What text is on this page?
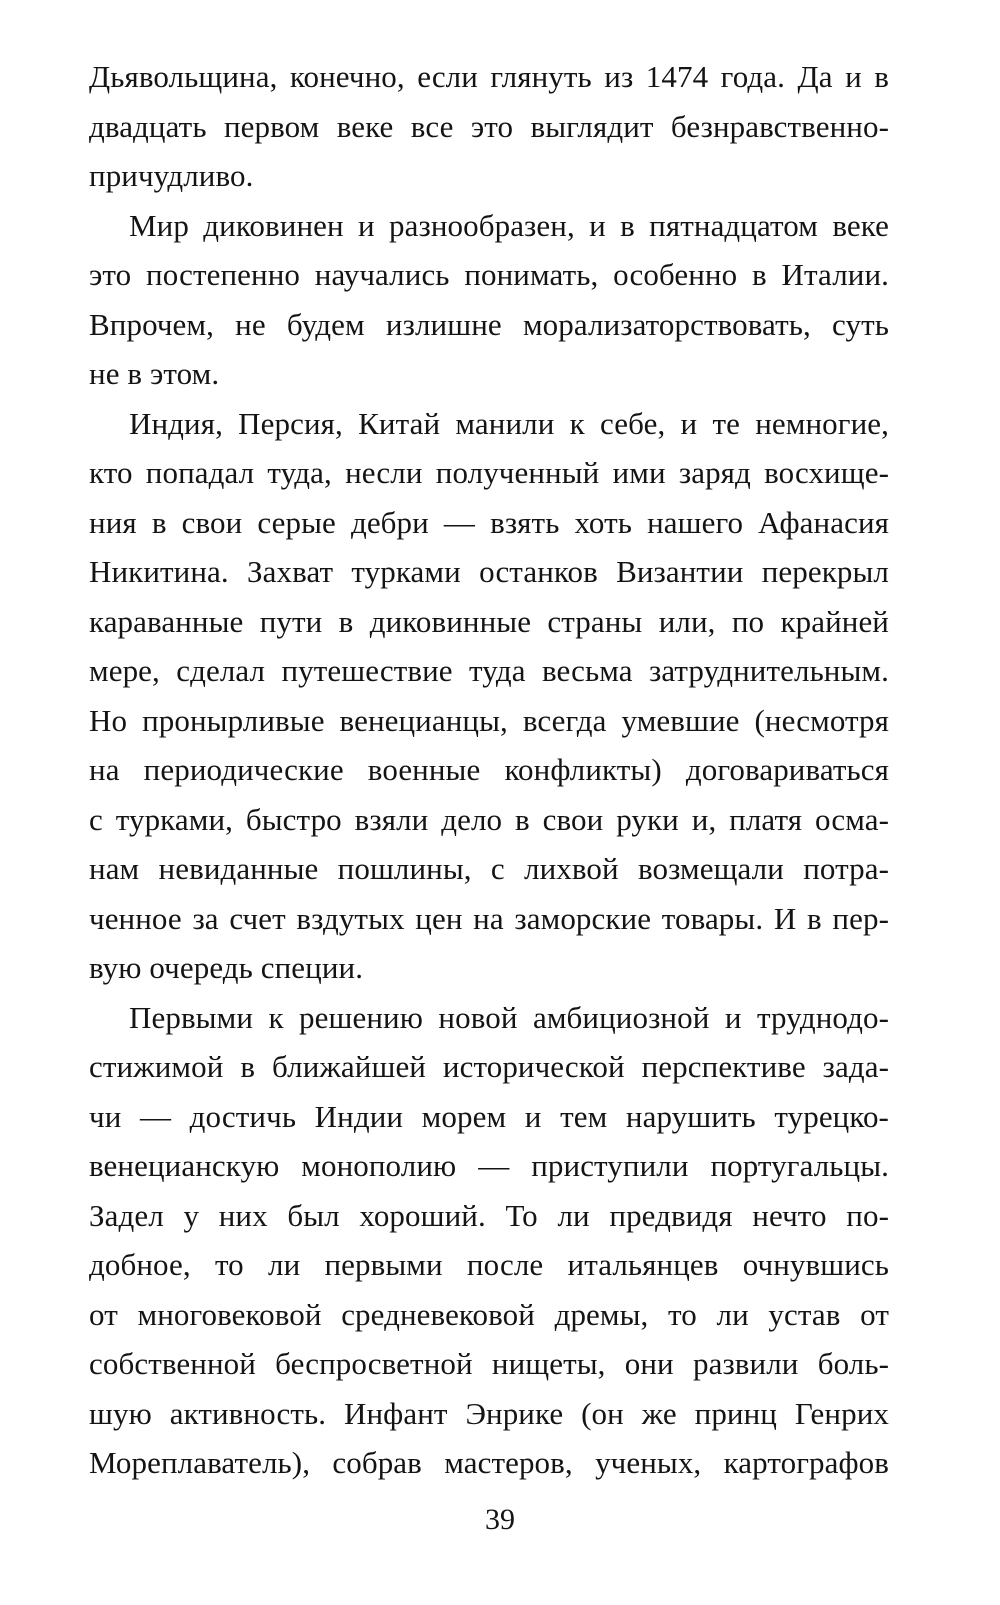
Дьявольщина, конечно, если глянуть из 1474 года. Да и в
двадцать первом веке все это выглядит безнравственно-
причудливо.
Мир диковинен и разнообразен, и в пятнадцатом веке
это постепенно научались понимать, особенно в Италии.
Впрочем, не будем излишне морализаторствовать, суть
не в этом.
Индия, Персия, Китай манили к себе, и те немногие,
кто попадал туда, несли полученный ими заряд восхище-
ния в свои серые дебри — взять хоть нашего Афанасия
Никитина. Захват турками останков Византии перекрыл
караванные пути в диковинные страны или, по крайней
мере, сделал путешествие туда весьма затруднительным.
Но пронырливые венецианцы, всегда умевшие (несмотря
на периодические военные конфликты) договариваться
с турками, быстро взяли дело в свои руки и, платя осма-
нам невиданные пошлины, с лихвой возмещали потра-
ченное за счет вздутых цен на заморские товары. И в пер-
вую очередь специи.
Первыми к решению новой амбициозной и труднодо-
стижимой в ближайшей исторической перспективе зада-
чи — достичь Индии морем и тем нарушить турецко-
венецианскую монополию — приступили португальцы.
Задел у них был хороший. То ли предвидя нечто по-
добное, то ли первыми после итальянцев очнувшись
от многовековой средневековой дремы, то ли устав от
собственной беспросветной нищеты, они развили боль-
шую активность. Инфант Энрике (он же принц Генрих
Мореплаватель), собрав мастеров, ученых, картографов
39
